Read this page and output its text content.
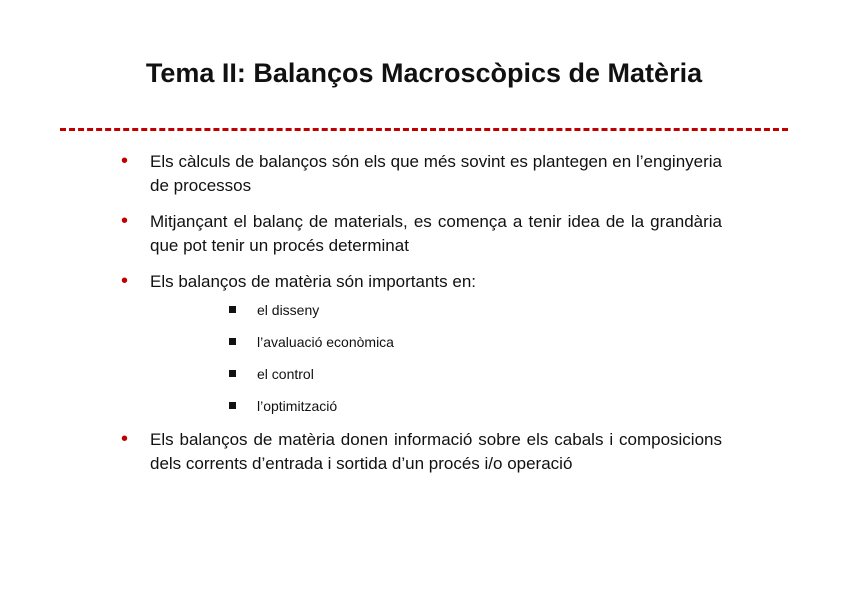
Tema II: Balanços Macroscòpics de Matèria
• Els càlculs de balanços són els que més sovint es plantegen en l’enginyeria de processos
• Mitjançant el balanç de materials, es comença a tenir idea de la grandària que pot tenir un procés determinat
• Els balanços de matèria són importants en:
el disseny
l’avaluació econòmica
el control
l’optimització
• Els balanços de matèria donen informació sobre els cabals i composicions dels corrents d’entrada i sortida d’un procés i/o operació
